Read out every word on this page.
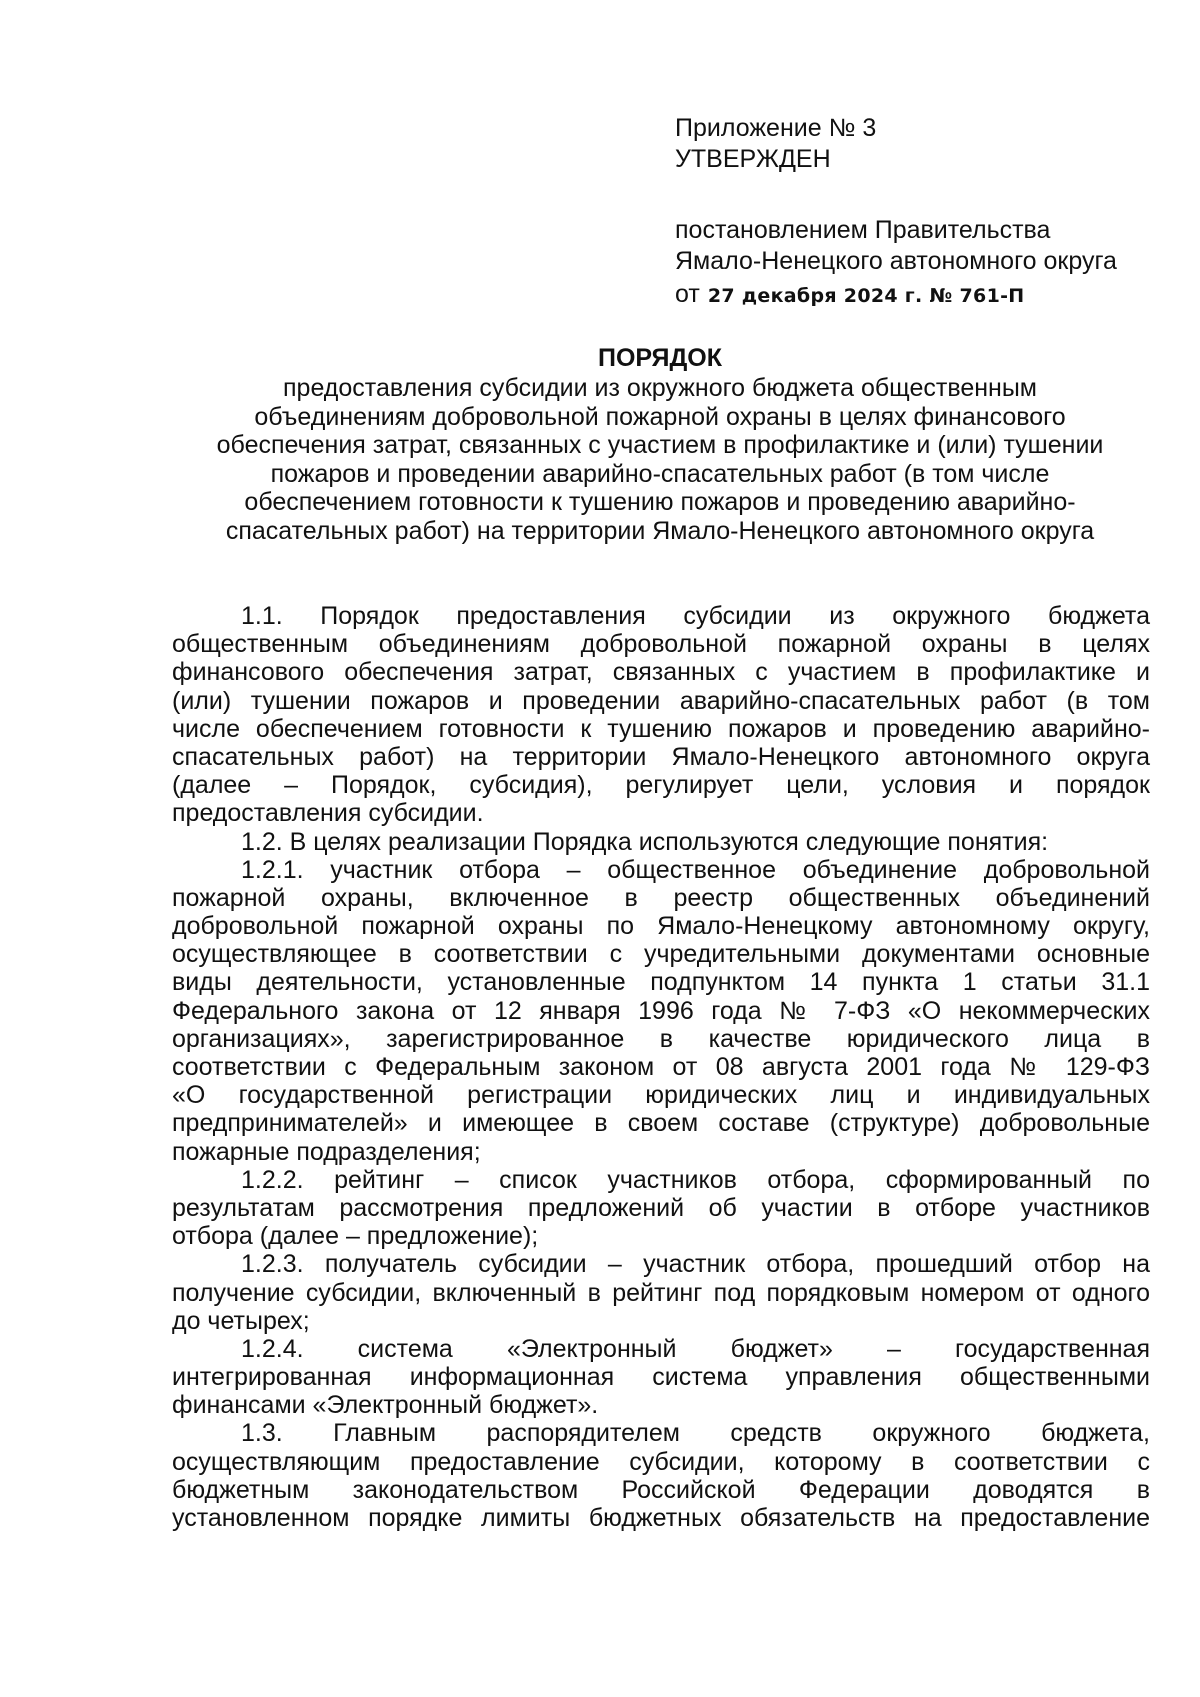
Приложение № 3
УТВЕРЖДЕН
постановлением Правительства
Ямало-Ненецкого автономного округа
от 27 декабря 2024 г. № 761-П
ПОРЯДОК
предоставления субсидии из окружного бюджета общественным
объединениям добровольной пожарной охраны в целях финансового
обеспечения затрат, связанных с участием в профилактике и (или) тушении
пожаров и проведении аварийно-спасательных работ (в том числе
обеспечением готовности к тушению пожаров и проведению аварийно-
спасательных работ) на территории Ямало-Ненецкого автономного округа
1.1. Порядок предоставления субсидии из окружного бюджета
общественным объединениям добровольной пожарной охраны в целях
финансового обеспечения затрат, связанных с участием в профилактике и
(или) тушении пожаров и проведении аварийно-спасательных работ (в том
числе обеспечением готовности к тушению пожаров и проведению аварийно-
спасательных работ) на территории Ямало-Ненецкого автономного округа
(далее – Порядок, субсидия), регулирует цели, условия и порядок
предоставления субсидии.
1.2. В целях реализации Порядка используются следующие понятия:
1.2.1. участник отбора – общественное объединение добровольной
пожарной охраны, включенное в реестр общественных объединений
добровольной пожарной охраны по Ямало-Ненецкому автономному округу,
осуществляющее в соответствии с учредительными документами основные
виды деятельности, установленные подпунктом 14 пункта 1 статьи 31.1
Федерального закона от 12 января 1996 года № 7-ФЗ «О некоммерческих
организациях», зарегистрированное в качестве юридического лица в
соответствии с Федеральным законом от 08 августа 2001 года № 129-ФЗ
«О государственной регистрации юридических лиц и индивидуальных
предпринимателей» и имеющее в своем составе (структуре) добровольные
пожарные подразделения;
1.2.2. рейтинг – список участников отбора, сформированный по
результатам рассмотрения предложений об участии в отборе участников
отбора (далее – предложение);
1.2.3. получатель субсидии – участник отбора, прошедший отбор на
получение субсидии, включенный в рейтинг под порядковым номером от одного
до четырех;
1.2.4. система «Электронный бюджет» – государственная
интегрированная информационная система управления общественными
финансами «Электронный бюджет».
1.3. Главным распорядителем средств окружного бюджета,
осуществляющим предоставление субсидии, которому в соответствии с
бюджетным законодательством Российской Федерации доводятся в
установленном порядке лимиты бюджетных обязательств на предоставление
